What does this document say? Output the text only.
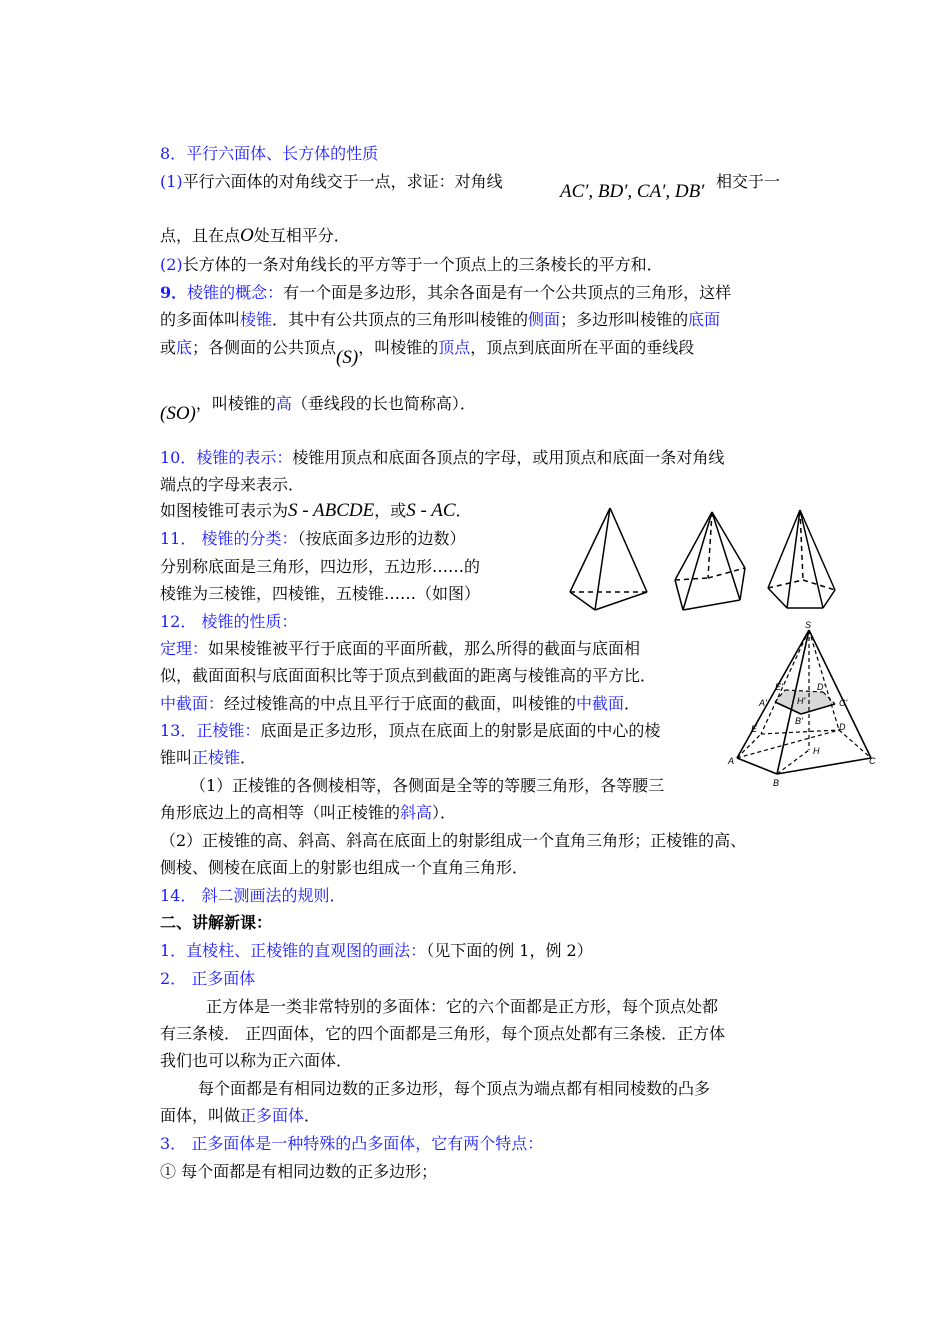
8．平行六面体、长方体的性质
(1)平行六面体的对角线交于一点，求证：对角线	AC′, BD′, CA′, DB′ 相交于一
点，且在点O处互相平分．
(2)长方体的一条对角线长的平方等于一个顶点上的三条棱长的平方和．
9．棱锥的概念：有一个面是多边形，其余各面是有一个公共顶点的三角形，这样
的多面体叫棱锥．其中有公共顶点的三角形叫棱锥的侧面；多边形叫棱锥的底面
或底；各侧面的公共顶点(S)，叫棱锥的顶点，顶点到底面所在平面的垂线段
(SO)，叫棱锥的高（垂线段的长也简称高）．
10．棱锥的表示：棱锥用顶点和底面各顶点的字母，或用顶点和底面一条对角线
端点的字母来表示．
如图棱锥可表示为S - ABCDE，或S - AC．
11． 棱锥的分类：（按底面多边形的边数）
分别称底面是三角形，四边形，五边形……的
棱锥为三棱锥，四棱锥，五棱锥……（如图）
12． 棱锥的性质：
定理：如果棱锥被平行于底面的平面所截，那么所得的截面与底面相
似，截面面积与底面面积比等于顶点到截面的距离与棱锥高的平方比．
中截面：经过棱锥高的中点且平行于底面的截面，叫棱锥的中截面．
13．正棱锥：底面是正多边形，顶点在底面上的射影是底面的中心的棱
锥叫正棱锥．
（1）正棱锥的各侧棱相等，各侧面是全等的等腰三角形，各等腰三
角形底边上的高相等（叫正棱锥的斜高）．
（2）正棱锥的高、斜高、斜高在底面上的射影组成一个直角三角形；正棱锥的高、
侧棱、侧棱在底面上的射影也组成一个直角三角形．
14． 斜二测画法的规则．
二、讲解新课：
1．直棱柱、正棱锥的直观图的画法：（见下面的例 1，例 2）
2． 正多面体
正方体是一类非常特别的多面体：它的六个面都是正方形，每个顶点处都
有三条棱． 正四面体，它的四个面都是三角形，每个顶点处都有三条棱．正方体
我们也可以称为正六面体．
每个面都是有相同边数的正多边形，每个顶点为端点都有相同棱数的凸多
面体，叫做正多面体．
3． 正多面体是一种特殊的凸多面体，它有两个特点：
① 每个面都是有相同边数的正多边形；
S
A'
B'
C'
D'
E'
H'
A
B
C
D
E
H
